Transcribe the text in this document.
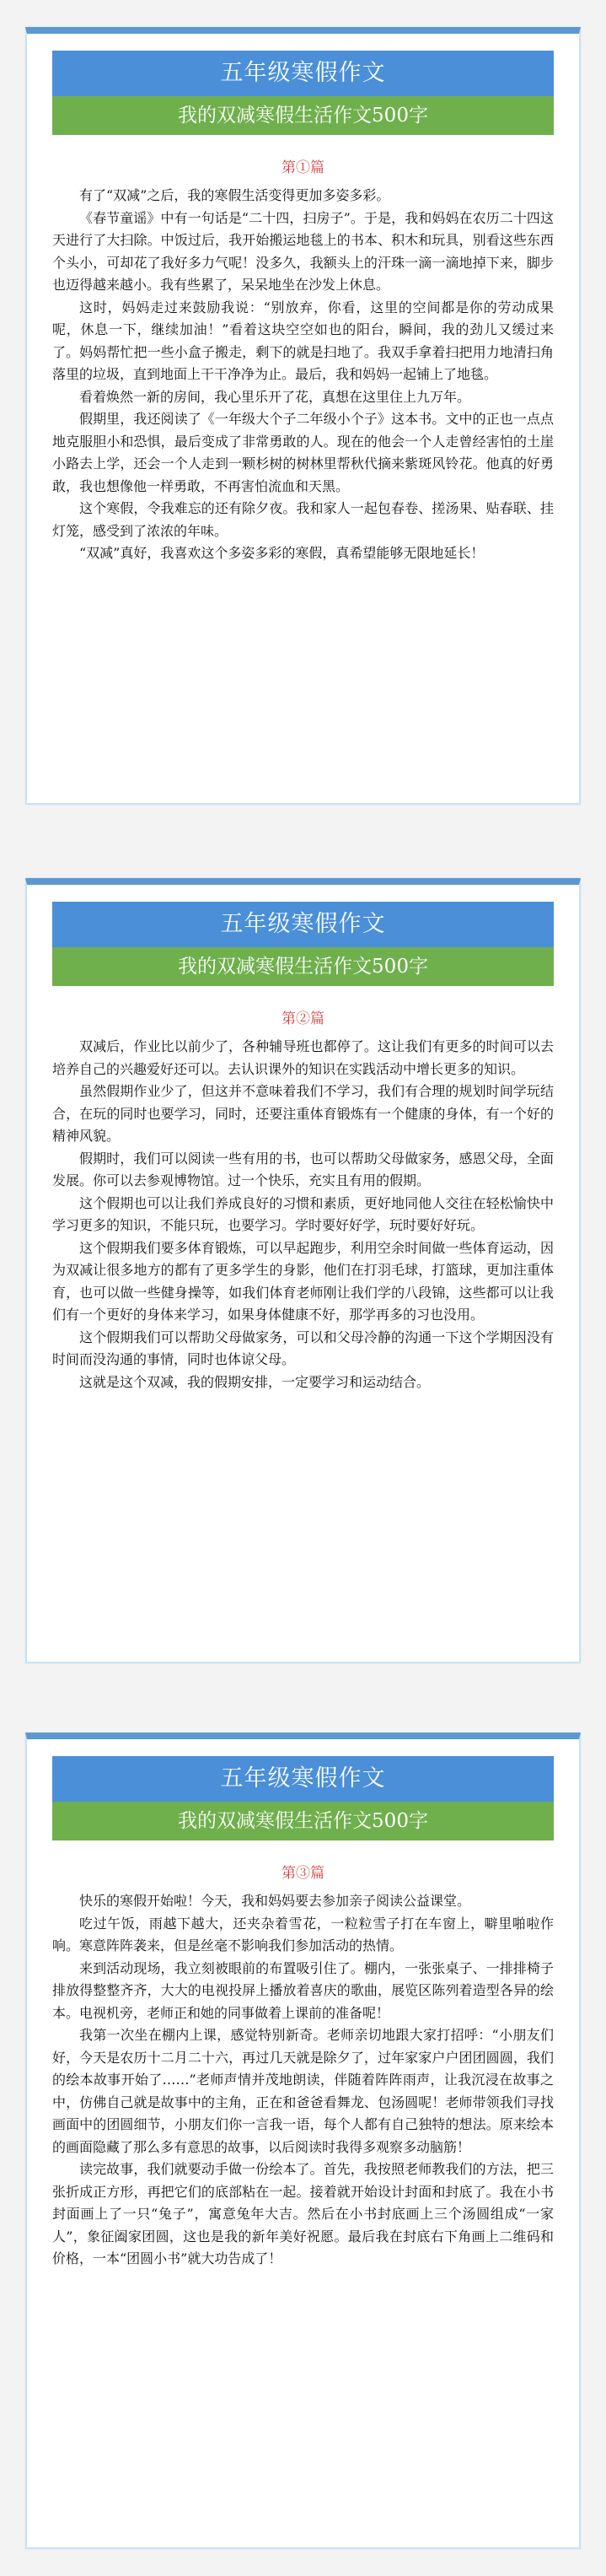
五年级寒假作文
我的双减寒假生活作文500字
第①篇

有了“双减”之后，我的寒假生活变得更加多姿多彩。

《春节童谣》中有一句话是“二十四，扫房子”。于是，我和妈妈在农历二十四这天进行了大扫除。中饭过后，我开始搬运地毯上的书本、积木和玩具，别看这些东西个头小，可却花了我好多力气呢！没多久，我额头上的汗珠一滴一滴地掉下来，脚步也迈得越来越小。我有些累了，呆呆地坐在沙发上休息。

这时，妈妈走过来鼓励我说：“别放弃，你看，这里的空间都是你的劳动成果呢，休息一下，继续加油！”看着这块空空如也的阳台，瞬间，我的劲儿又缓过来了。妈妈帮忙把一些小盒子搬走，剩下的就是扫地了。我双手拿着扫把用力地清扫角落里的垃圾，直到地面上干干净净为止。最后，我和妈妈一起铺上了地毯。

看着焕然一新的房间，我心里乐开了花，真想在这里住上九万年。

假期里，我还阅读了《一年级大个子二年级小个子》这本书。文中的正也一点点地克服胆小和恐惧，最后变成了非常勇敢的人。现在的他会一个人走曾经害怕的土崖小路去上学，还会一个人走到一颗杉树的树林里帮秋代摘来紫斑风铃花。他真的好勇敢，我也想像他一样勇敢，不再害怕流血和天黑。

这个寒假，令我难忘的还有除夕夜。我和家人一起包春卷、搓汤果、贴春联、挂灯笼，感受到了浓浓的年味。

“双减”真好，我喜欢这个多姿多彩的寒假，真希望能够无限地延长！

五年级寒假作文
我的双减寒假生活作文500字
第②篇

双减后，作业比以前少了，各种辅导班也都停了。这让我们有更多的时间可以去培养自己的兴趣爱好还可以。去认识课外的知识在实践活动中增长更多的知识。

虽然假期作业少了，但这并不意味着我们不学习，我们有合理的规划时间学玩结合，在玩的同时也要学习，同时，还要注重体育锻炼有一个健康的身体，有一个好的精神风貌。

假期时，我们可以阅读一些有用的书，也可以帮助父母做家务，感恩父母，全面发展。你可以去参观博物馆。过一个快乐，充实且有用的假期。

这个假期也可以让我们养成良好的习惯和素质，更好地同他人交往在轻松愉快中学习更多的知识，不能只玩，也要学习。学时要好好学，玩时要好好玩。

这个假期我们要多体育锻炼，可以早起跑步，利用空余时间做一些体育运动，因为双减让很多地方的都有了更多学生的身影，他们在打羽毛球，打篮球，更加注重体育，也可以做一些健身操等，如我们体育老师刚让我们学的八段锦，这些都可以让我们有一个更好的身体来学习，如果身体健康不好，那学再多的习也没用。

这个假期我们可以帮助父母做家务，可以和父母冷静的沟通一下这个学期因没有时间而没沟通的事情，同时也体谅父母。

这就是这个双减，我的假期安排，一定要学习和运动结合。

五年级寒假作文
我的双减寒假生活作文500字
第③篇

快乐的寒假开始啦！今天，我和妈妈要去参加亲子阅读公益课堂。

吃过午饭，雨越下越大，还夹杂着雪花，一粒粒雪子打在车窗上，噼里啪啦作响。寒意阵阵袭来，但是丝毫不影响我们参加活动的热情。

来到活动现场，我立刻被眼前的布置吸引住了。棚内，一张张桌子、一排排椅子排放得整整齐齐，大大的电视投屏上播放着喜庆的歌曲，展览区陈列着造型各异的绘本。电视机旁，老师正和她的同事做着上课前的准备呢！

我第一次坐在棚内上课，感觉特别新奇。老师亲切地跟大家打招呼：“小朋友们好，今天是农历十二月二十六，再过几天就是除夕了，过年家家户户团团圆圆，我们的绘本故事开始了……”老师声情并茂地朗读，伴随着阵阵雨声，让我沉浸在故事之中，仿佛自己就是故事中的主角，正在和爸爸看舞龙、包汤圆呢！老师带领我们寻找画面中的团圆细节，小朋友们你一言我一语，每个人都有自己独特的想法。原来绘本的画面隐藏了那么多有意思的故事，以后阅读时我得多观察多动脑筋！

读完故事，我们就要动手做一份绘本了。首先，我按照老师教我们的方法，把三张折成正方形，再把它们的底部粘在一起。接着就开始设计封面和封底了。我在小书封面画上了一只“兔子”，寓意兔年大吉。然后在小书封底画上三个汤圆组成“一家人”，象征阖家团圆，这也是我的新年美好祝愿。最后我在封底右下角画上二维码和价格，一本“团圆小书”就大功告成了！
